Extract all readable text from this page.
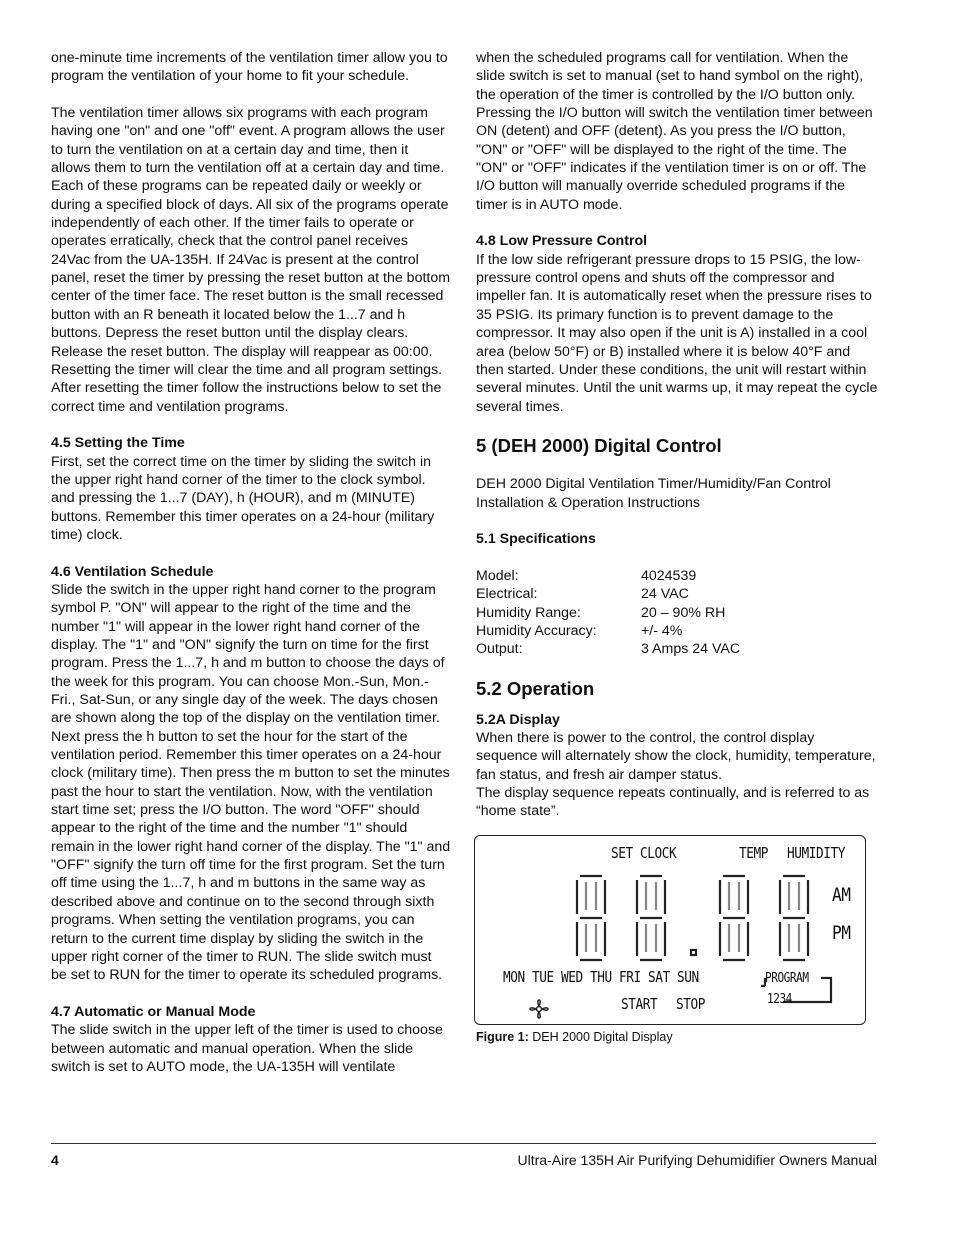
one-minute time increments of the ventilation timer allow you to program the ventilation of your home to fit your schedule.

The ventilation timer allows six programs with each program having one "on" and one "off" event. A program allows the user to turn the ventilation on at a certain day and time, then it allows them to turn the ventilation off at a certain day and time. Each of these programs can be repeated daily or weekly or during a specified block of days. All six of the programs operate independently of each other. If the timer fails to operate or operates erratically, check that the control panel receives 24Vac from the UA-135H. If 24Vac is present at the control panel, reset the timer by pressing the reset button at the bottom center of the timer face. The reset button is the small recessed button with an R beneath it located below the 1...7 and h buttons. Depress the reset button until the display clears. Release the reset button. The display will reappear as 00:00. Resetting the timer will clear the time and all program settings. After resetting the timer follow the instructions below to set the correct time and ventilation programs.

4.5 Setting the Time

First, set the correct time on the timer by sliding the switch in the upper right hand corner of the timer to the clock symbol. and pressing the 1...7 (DAY), h (HOUR), and m (MINUTE) buttons. Remember this timer operates on a 24-hour (military time) clock.

4.6 Ventilation Schedule

Slide the switch in the upper right hand corner to the program symbol P. "ON" will appear to the right of the time and the number "1" will appear in the lower right hand corner of the display. The "1" and "ON" signify the turn on time for the first program. Press the 1...7, h and m button to choose the days of the week for this program. You can choose Mon.-Sun, Mon.-Fri., Sat-Sun, or any single day of the week. The days chosen are shown along the top of the display on the ventilation timer. Next press the h button to set the hour for the start of the ventilation period. Remember this timer operates on a 24-hour clock (military time). Then press the m button to set the minutes past the hour to start the ventilation. Now, with the ventilation start time set; press the I/O button. The word "OFF" should appear to the right of the time and the number "1" should remain in the lower right hand corner of the display. The "1" and "OFF" signify the turn off time for the first program. Set the turn off time using the 1...7, h and m buttons in the same way as described above and continue on to the second through sixth programs. When setting the ventilation programs, you can return to the current time display by sliding the switch in the upper right corner of the timer to RUN. The slide switch must be set to RUN for the timer to operate its scheduled programs.

4.7 Automatic or Manual Mode

The slide switch in the upper left of the timer is used to choose between automatic and manual operation. When the slide switch is set to AUTO mode, the UA-135H will ventilate

when the scheduled programs call for ventilation. When the slide switch is set to manual (set to hand symbol on the right), the operation of the timer is controlled by the I/O button only. Pressing the I/O button will switch the ventilation timer between ON (detent) and OFF (detent). As you press the I/O button, "ON" or "OFF" will be displayed to the right of the time. The "ON" or "OFF" indicates if the ventilation timer is on or off. The I/O button will manually override scheduled programs if the timer is in AUTO mode.

4.8 Low Pressure Control

If the low side refrigerant pressure drops to 15 PSIG, the low-pressure control opens and shuts off the compressor and impeller fan. It is automatically reset when the pressure rises to 35 PSIG. Its primary function is to prevent damage to the compressor. It may also open if the unit is A) installed in a cool area (below 50°F) or B) installed where it is below 40°F and then started. Under these conditions, the unit will restart within several minutes. Until the unit warms up, it may repeat the cycle several times.

5 (DEH 2000) Digital Control

DEH 2000 Digital Ventilation Timer/Humidity/Fan Control Installation & Operation Instructions

5.1 Specifications

Model:	4024539
Electrical:	24 VAC
Humidity Range:	20 – 90% RH
Humidity Accuracy:	+/- 4%
Output:	3 Amps 24 VAC

5.2 Operation

5.2A Display

When there is power to the control, the control display sequence will alternately show the clock, humidity, temperature, fan status, and fresh air damper status.

The display sequence repeats continually, and is referred to as “home state”.

SET CLOCK	TEMP HUMIDITY
AM
PM
MON TUE WED THU FRI SAT SUN	PROGRAM
1234
START STOP
Figure 1: DEH 2000 Digital Display
4	Ultra-Aire 135H Air Purifying Dehumidifier Owners Manual
